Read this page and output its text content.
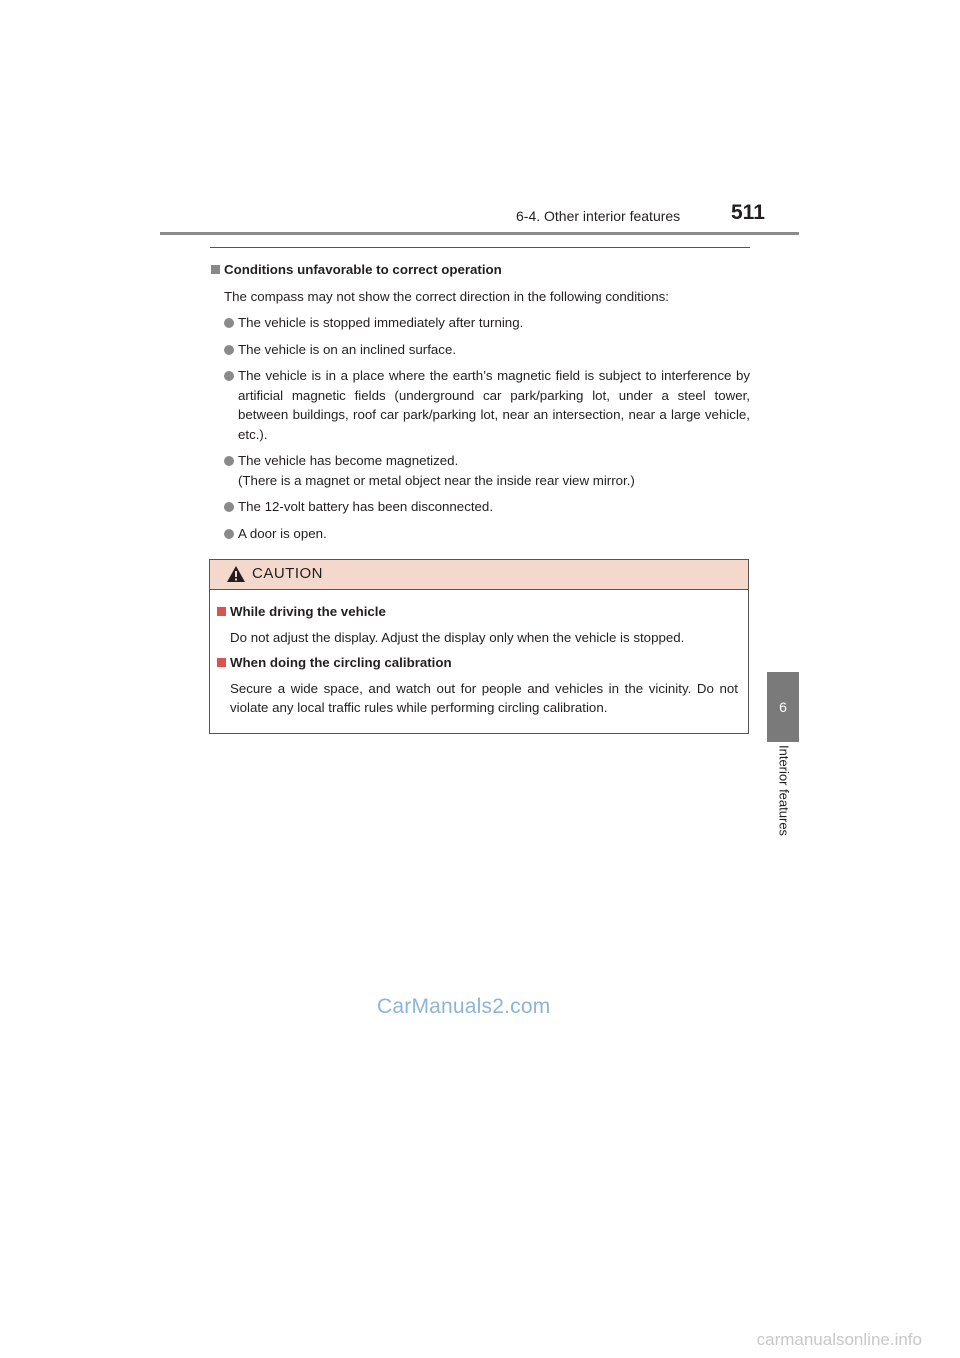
6-4. Other interior features 511
6
Interior features
Conditions unfavorable to correct operation
The compass may not show the correct direction in the following conditions:
The vehicle is stopped immediately after turning.
The vehicle is on an inclined surface.
The vehicle is in a place where the earth’s magnetic field is subject to interference by artificial magnetic fields (underground car park/parking lot, under a steel tower, between buildings, roof car park/parking lot, near an intersection, near a large vehicle, etc.).
The vehicle has become magnetized.
(There is a magnet or metal object near the inside rear view mirror.)
The 12-volt battery has been disconnected.
A door is open.
CAUTION
While driving the vehicle
Do not adjust the display. Adjust the display only when the vehicle is stopped.
When doing the circling calibration
Secure a wide space, and watch out for people and vehicles in the vicinity. Do not violate any local traffic rules while performing circling calibration.
CarManuals2.com
carmanualsonline.info
